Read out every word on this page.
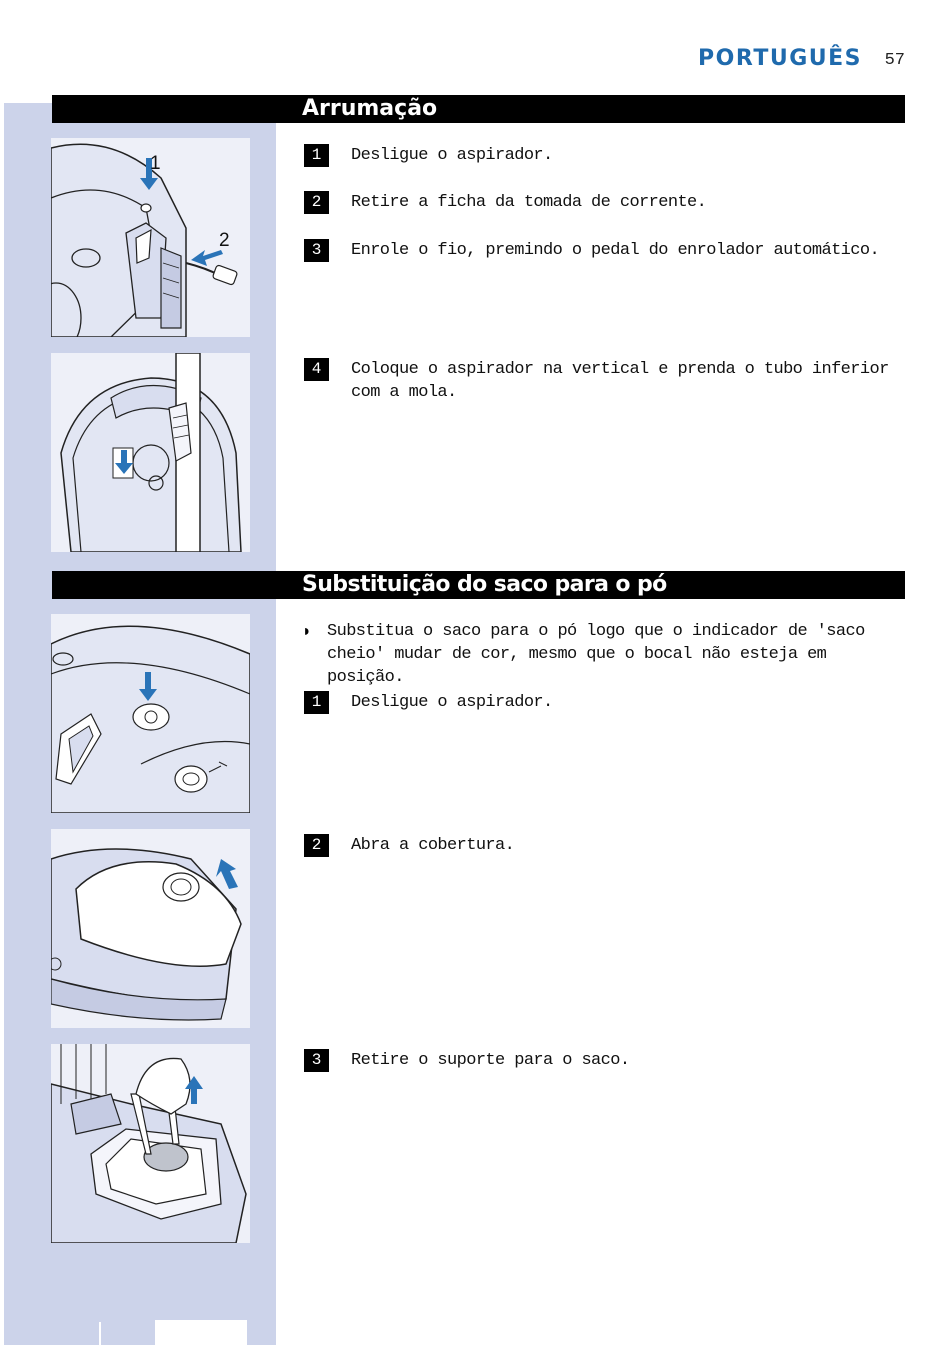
PORTUGUÊS 57
Arrumação
1
2
1	Desligue o aspirador.
2	Retire a ficha da tomada de corrente.
3	Enrole o fio, premindo o pedal do enrolador automático.
4	Coloque o aspirador na vertical e prenda o tubo inferior com a mola.
Substituição do saco para o pó
◗ Substitua o saco para o pó logo que o indicador de 'saco cheio' mudar de cor, mesmo que o bocal não esteja em posição.
1	Desligue o aspirador.
2	Abra a cobertura.
3	Retire o suporte para o saco.
